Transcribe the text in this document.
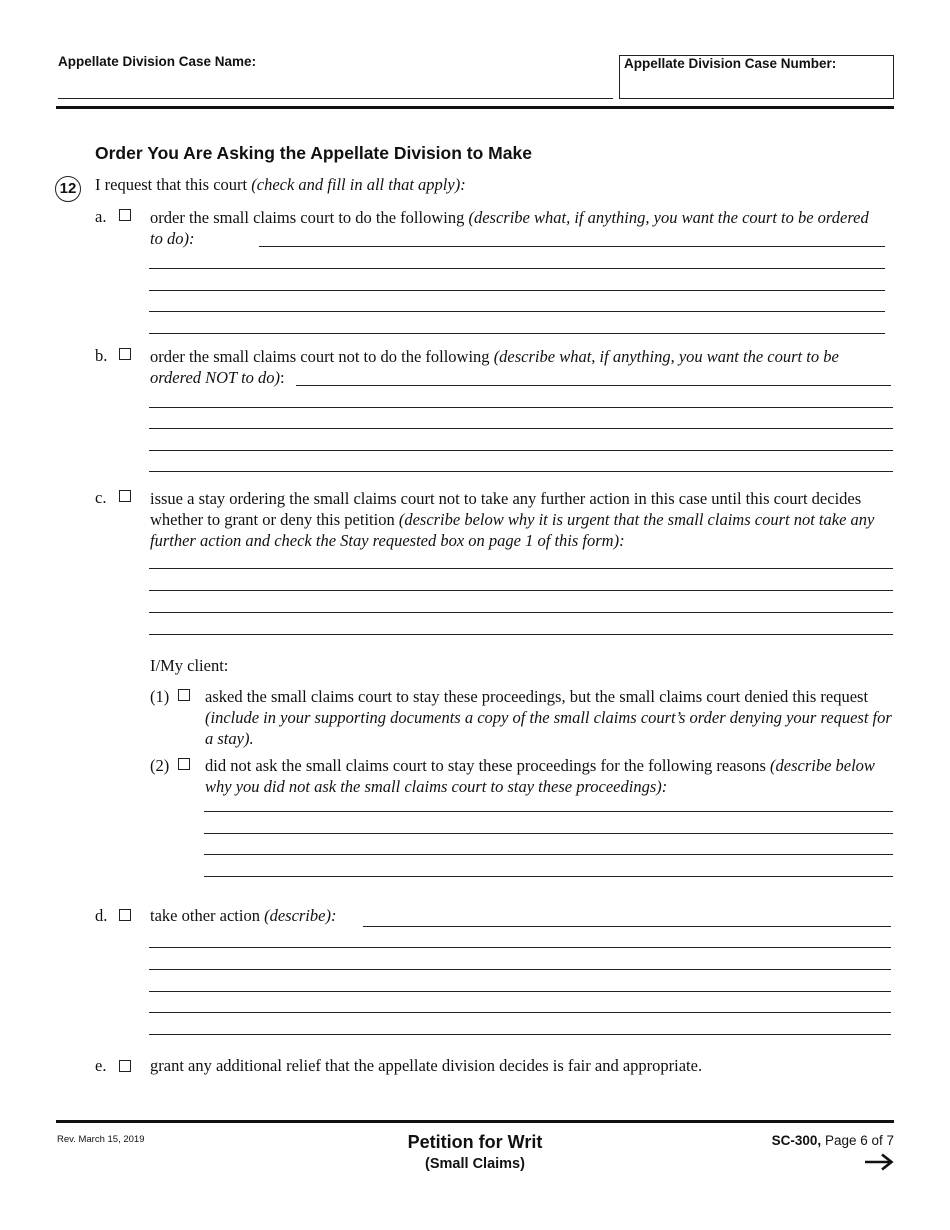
Appellate Division Case Name:	Appellate Division Case Number:
Order You Are Asking the Appellate Division to Make
12 I request that this court (check and fill in all that apply):
a.	order the small claims court to do the following (describe what, if anything, you want the court to be ordered to do):
b.	order the small claims court not to do the following (describe what, if anything, you want the court to be ordered NOT to do):
c.	issue a stay ordering the small claims court not to take any further action in this case until this court decides whether to grant or deny this petition (describe below why it is urgent that the small claims court not take any further action and check the Stay requested box on page 1 of this form):
I/My client:
(1) asked the small claims court to stay these proceedings, but the small claims court denied this request (include in your supporting documents a copy of the small claims court’s order denying your request for a stay).
(2) did not ask the small claims court to stay these proceedings for the following reasons (describe below why you did not ask the small claims court to stay these proceedings):
d.	take other action (describe):
e.	grant any additional relief that the appellate division decides is fair and appropriate.
Rev. March 15, 2019	Petition for Writ
(Small Claims)
SC-300, Page 6 of 7
